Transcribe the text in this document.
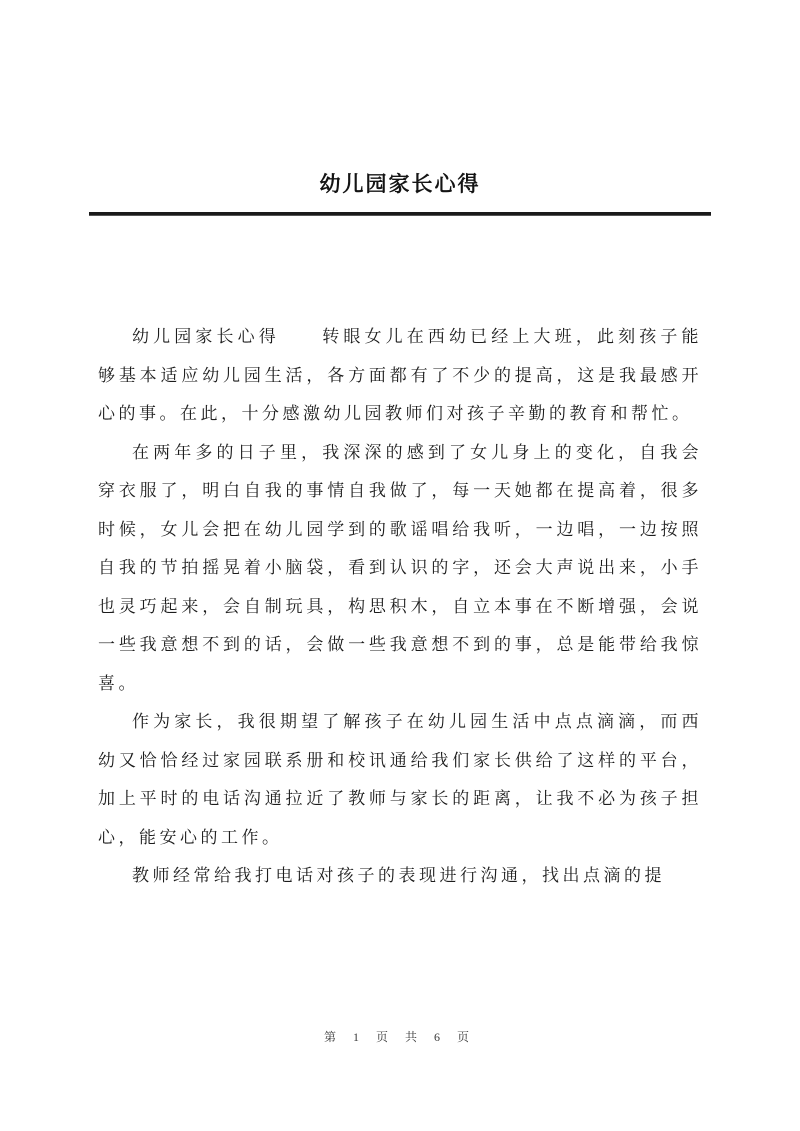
幼儿园家长心得

幼儿园家长心得　　转眼女儿在西幼已经上大班，此刻孩子能够基本适应幼儿园生活，各方面都有了不少的提高，这是我最感开心的事。在此，十分感激幼儿园教师们对孩子辛勤的教育和帮忙。

在两年多的日子里，我深深的感到了女儿身上的变化，自我会穿衣服了，明白自我的事情自我做了，每一天她都在提高着，很多时候，女儿会把在幼儿园学到的歌谣唱给我听，一边唱，一边按照自我的节拍摇晃着小脑袋，看到认识的字，还会大声说出来，小手也灵巧起来，会自制玩具，构思积木，自立本事在不断增强，会说一些我意想不到的话，会做一些我意想不到的事，总是能带给我惊喜。

作为家长，我很期望了解孩子在幼儿园生活中点点滴滴，而西幼又恰恰经过家园联系册和校讯通给我们家长供给了这样的平台，加上平时的电话沟通拉近了教师与家长的距离，让我不必为孩子担心，能安心的工作。

教师经常给我打电话对孩子的表现进行沟通，找出点滴的提

第 1 页 共 6 页
